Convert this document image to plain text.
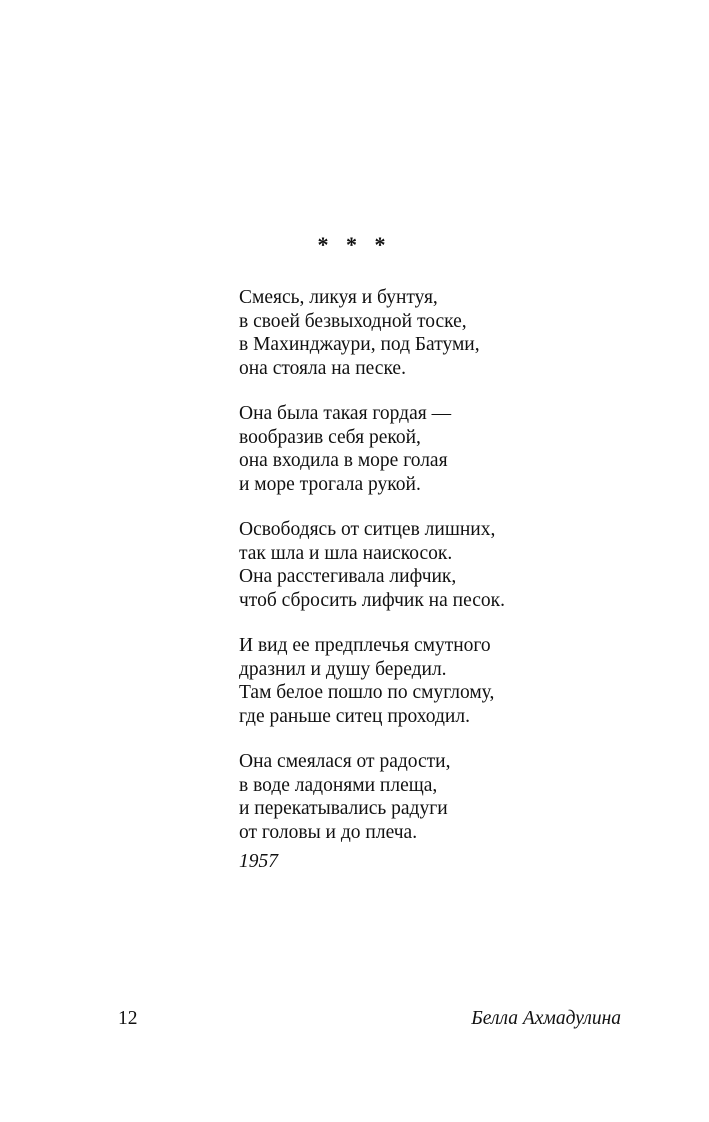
* * *
Смеясь, ликуя и бунтуя,
в своей безвыходной тоске,
в Махинджаури, под Батуми,
она стояла на песке.
Она была такая гордая —
вообразив себя рекой,
она входила в море голая
и море трогала рукой.
Освободясь от ситцев лишних,
так шла и шла наискосок.
Она расстегивала лифчик,
чтоб сбросить лифчик на песок.
И вид ее предплечья смутного
дразнил и душу бередил.
Там белое пошло по смуглому,
где раньше ситец проходил.
Она смеялася от радости,
в воде ладонями плеща,
и перекатывались радуги
от головы и до плеча.
1957
12	Белла Ахмадулина
